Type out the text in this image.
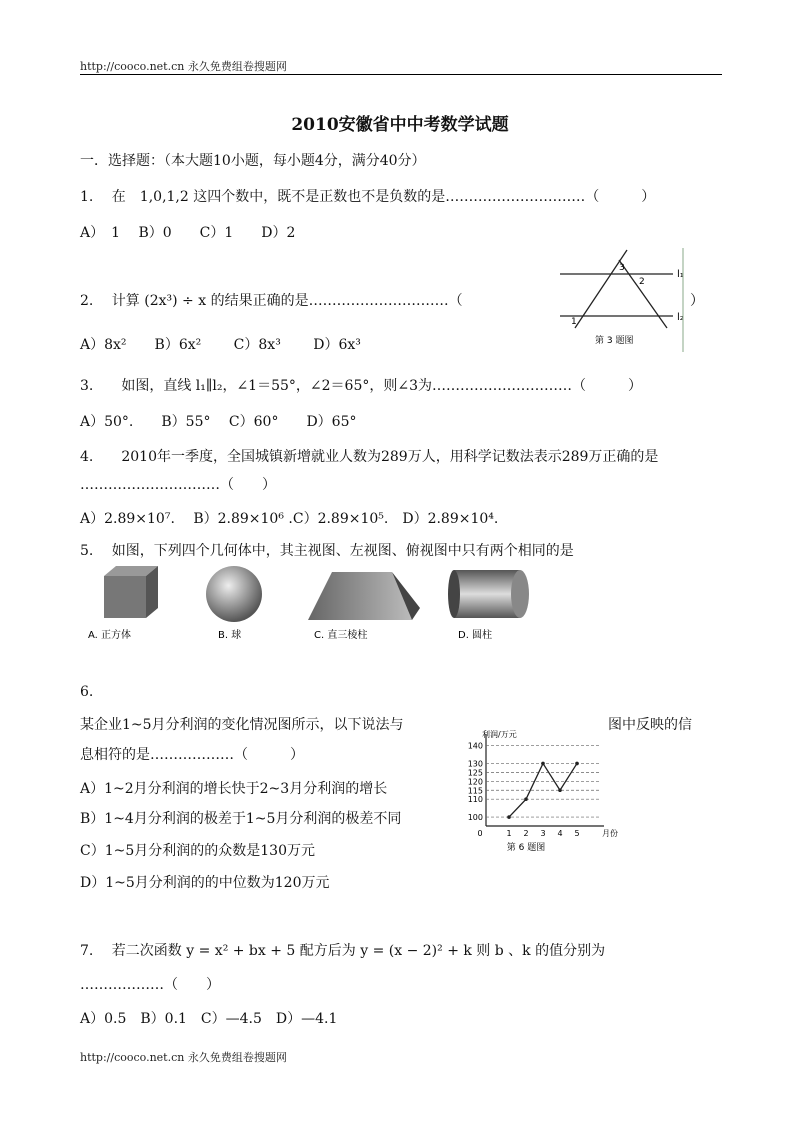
http://cooco.net.cn 永久免费组卷搜题网
2010安徽省中中考数学试题
一．选择题：（本大题10小题，每小题4分，满分40分）
1.　 在　1,0,1,2 这四个数中，既不是正数也不是负数的是…………………………（　　　）
A）　1　 B）0　　C）1　　D）2
l₁
l₂
1
2
3
第 3 题图
2.　 计算 (2x³) ÷ x 的结果正确的是…………………………（	）
A）8x²　　B）6x²　　 C）8x³　　 D）6x³
3.　　如图，直线 l₁∥l₂，∠1＝55°，∠2＝65°，则∠3为…………………………（　　　）
A）50°.　　B）55°　 C）60°　　D）65°
4.　　2010年一季度，全国城镇新增就业人数为289万人，用科学记数法表示289万正确的是
…………………………（　　）
A）2.89×10⁷.　 B）2.89×10⁶ .C）2.89×10⁵.　D）2.89×10⁴.
5.　 如图，下列四个几何体中，其主视图、左视图、俯视图中只有两个相同的是
A. 正方体	B. 球	C. 直三棱柱	D. 圆柱
6.
某企业1~5月分利润的变化情况图所示，以下说法与	图中反映的信
息相符的是………………（　　　）
A）1~2月分利润的增长快于2~3月分利润的增长
B）1~4月分利润的极差于1~5月分利润的极差不同
C）1~5月分利润的的众数是130万元
D）1~5月分利润的的中位数为120万元
利润/万元
100
110
115
120
125
130
140
0	1 2 3 4 5	月份
第 6 题图
7.　 若二次函数 y = x² + bx + 5 配方后为 y = (x − 2)² + k 则 b 、k 的值分别为
………………（　　）
A）0.5　B）0.1　C）—4.5　D）—4.1
http://cooco.net.cn 永久免费组卷搜题网
